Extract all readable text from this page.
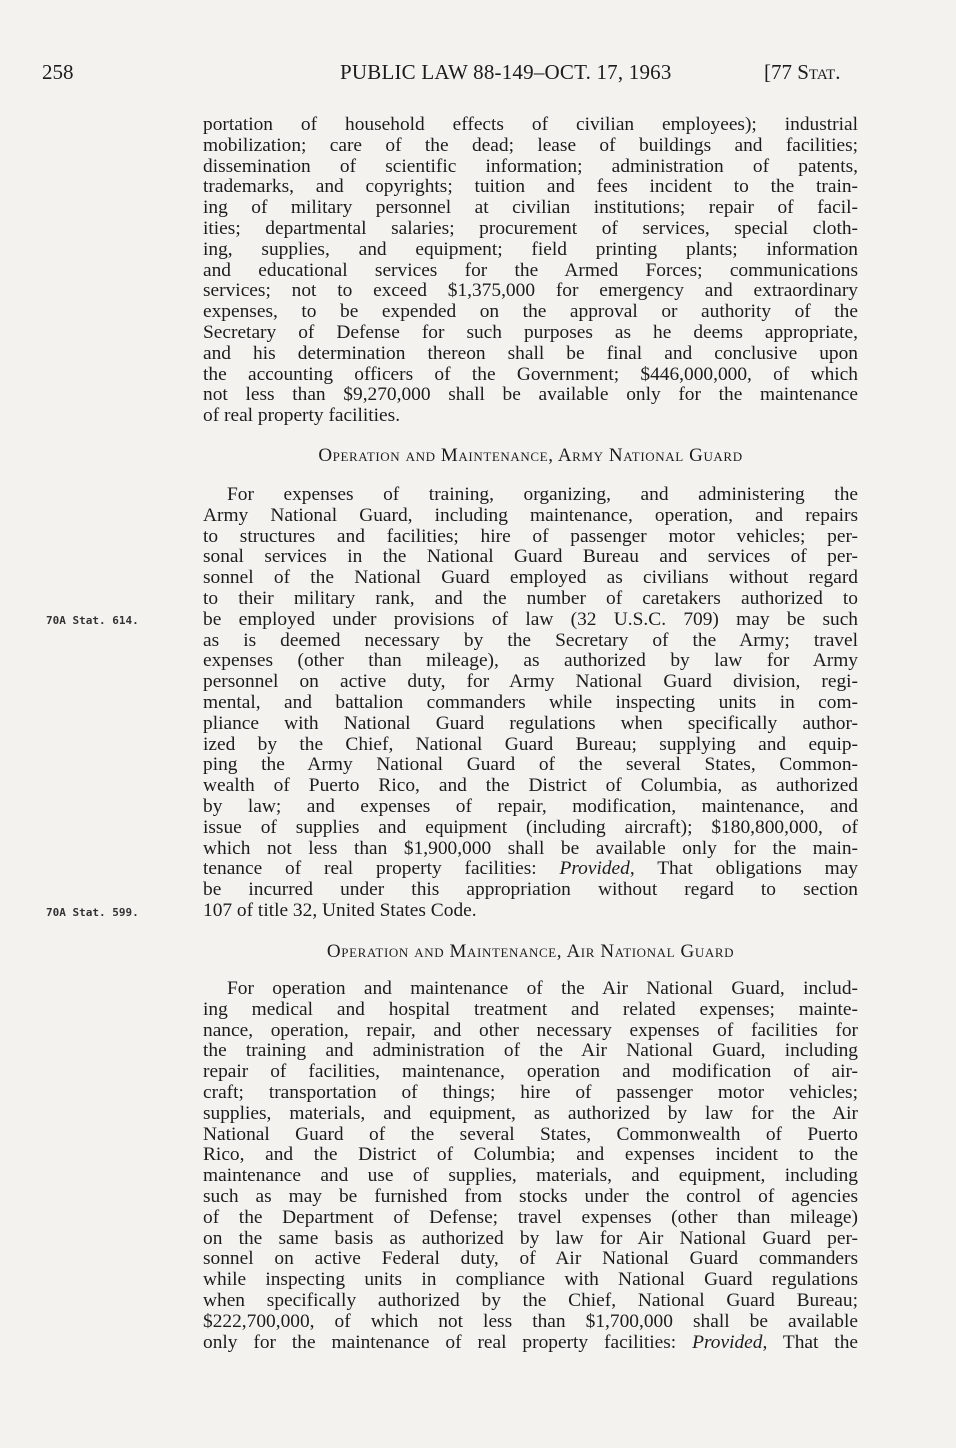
258	PUBLIC LAW 88-149–OCT. 17, 1963	[77 Stat.
portation of household effects of civilian employees); industrial
mobilization; care of the dead; lease of buildings and facilities;
dissemination of scientific information; administration of patents,
trademarks, and copyrights; tuition and fees incident to the train-
ing of military personnel at civilian institutions; repair of facil-
ities; departmental salaries; procurement of services, special cloth-
ing, supplies, and equipment; field printing plants; information
and educational services for the Armed Forces; communications
services; not to exceed $1,375,000 for emergency and extraordinary
expenses, to be expended on the approval or authority of the
Secretary of Defense for such purposes as he deems appropriate,
and his determination thereon shall be final and conclusive upon
the accounting officers of the Government; $446,000,000, of which
not less than $9,270,000 shall be available only for the maintenance
of real property facilities.
Operation and Maintenance, Army National Guard
For expenses of training, organizing, and administering the
Army National Guard, including maintenance, operation, and repairs
to structures and facilities; hire of passenger motor vehicles; per-
sonal services in the National Guard Bureau and services of per-
sonnel of the National Guard employed as civilians without regard
to their military rank, and the number of caretakers authorized to
be employed under provisions of law (32 U.S.C. 709) may be such
as is deemed necessary by the Secretary of the Army; travel
expenses (other than mileage), as authorized by law for Army
personnel on active duty, for Army National Guard division, regi-
mental, and battalion commanders while inspecting units in com-
pliance with National Guard regulations when specifically author-
ized by the Chief, National Guard Bureau; supplying and equip-
ping the Army National Guard of the several States, Common-
wealth of Puerto Rico, and the District of Columbia, as authorized
by law; and expenses of repair, modification, maintenance, and
issue of supplies and equipment (including aircraft); $180,800,000, of
which not less than $1,900,000 shall be available only for the main-
tenance of real property facilities: Provided, That obligations may
be incurred under this appropriation without regard to section
107 of title 32, United States Code.
70A Stat. 614.
70A Stat. 599.
Operation and Maintenance, Air National Guard
For operation and maintenance of the Air National Guard, includ-
ing medical and hospital treatment and related expenses; mainte-
nance, operation, repair, and other necessary expenses of facilities for
the training and administration of the Air National Guard, including
repair of facilities, maintenance, operation and modification of air-
craft; transportation of things; hire of passenger motor vehicles;
supplies, materials, and equipment, as authorized by law for the Air
National Guard of the several States, Commonwealth of Puerto
Rico, and the District of Columbia; and expenses incident to the
maintenance and use of supplies, materials, and equipment, including
such as may be furnished from stocks under the control of agencies
of the Department of Defense; travel expenses (other than mileage)
on the same basis as authorized by law for Air National Guard per-
sonnel on active Federal duty, of Air National Guard commanders
while inspecting units in compliance with National Guard regulations
when specifically authorized by the Chief, National Guard Bureau;
$222,700,000, of which not less than $1,700,000 shall be available
only for the maintenance of real property facilities: Provided, That the
